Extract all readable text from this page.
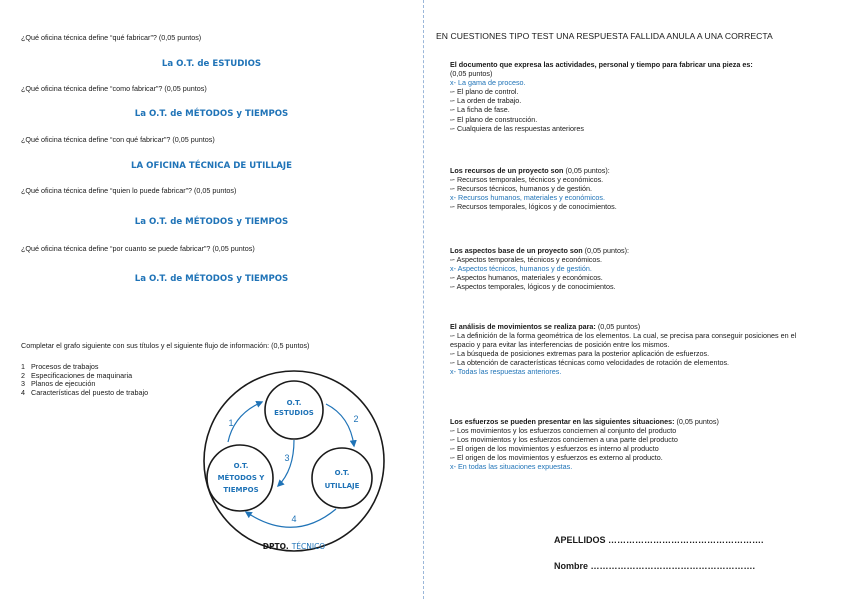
¿Qué oficina técnica define “qué fabricar”? (0,05 puntos)
La O.T. de ESTUDIOS
¿Qué oficina técnica define “como fabricar”? (0,05 puntos)
La O.T. de MÉTODOS y TIEMPOS
¿Qué oficina técnica define “con qué fabricar”? (0,05 puntos)
LA OFICINA TÉCNICA DE UTILLAJE
¿Qué oficina técnica define “quien lo puede fabricar”? (0,05 puntos)
La O.T. de MÉTODOS y TIEMPOS
¿Qué oficina técnica define “por cuanto se puede fabricar”? (0,05 puntos)
La O.T. de MÉTODOS y TIEMPOS
Completar el grafo siguiente con sus títulos y el siguiente flujo de información: (0,5 puntos)
1 Procesos de trabajos
2 Especificaciones de maquinaria
3 Planos de ejecución
4 Características del puesto de trabajo
O.T.
ESTUDIOS
O.T.
MÉTODOS Y
TIEMPOS
O.T.
UTILLAJE
1	2
3
4
DPTO. TÉCNICO
EN CUESTIONES TIPO TEST UNA RESPUESTA FALLIDA ANULA A UNA CORRECTA
El documento que expresa las actividades, personal y tiempo para fabricar una pieza es:
(0,05 puntos)
x- La gama de proceso.
▫- El plano de control.
▫- La orden de trabajo.
▫- La ficha de fase.
▫- El plano de construcción.
▫- Cualquiera de las respuestas anteriores
Los recursos de un proyecto son (0,05 puntos):
▫- Recursos temporales, técnicos y económicos.
▫- Recursos técnicos, humanos y de gestión.
x- Recursos humanos, materiales y económicos.
▫- Recursos temporales, lógicos y de conocimientos.
Los aspectos base de un proyecto son (0,05 puntos):
▫- Aspectos temporales, técnicos y económicos.
x- Aspectos técnicos, humanos y de gestión.
▫- Aspectos humanos, materiales y económicos.
▫- Aspectos temporales, lógicos y de conocimientos.
El análisis de movimientos se realiza para: (0,05 puntos)
▫- La definición de la forma geométrica de los elementos. La cual, se precisa para conseguir posiciones en el espacio y para evitar las interferencias de posición entre los mismos.
▫- La búsqueda de posiciones extremas para la posterior aplicación de esfuerzos.
▫- La obtención de características técnicas como velocidades de rotación de elementos.
x- Todas las respuestas anteriores.
Los esfuerzos se pueden presentar en las siguientes situaciones: (0,05 puntos)
▫- Los movimientos y los esfuerzos conciernen al conjunto del producto
▫- Los movimientos y los esfuerzos conciernen a una parte del producto
▫- El origen de los movimientos y esfuerzos es interno al producto
▫- El origen de los movimientos y esfuerzos es externo al producto.
x- En todas las situaciones expuestas.
APELLIDOS …………………………………………….
Nombre ……………………………………………….
